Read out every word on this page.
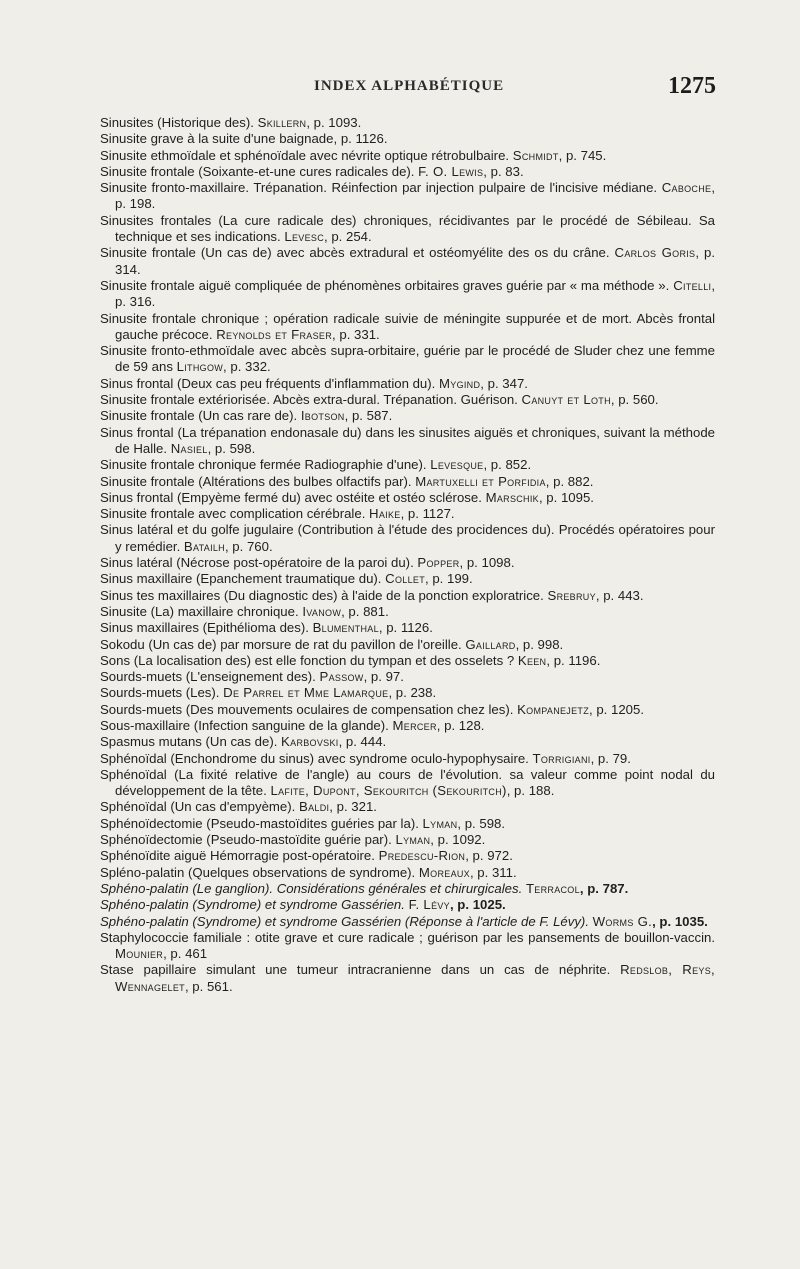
INDEX ALPHABÉTIQUE	1275

Sinusites (Historique des). Skillern, p. 1093.

Sinusite grave à la suite d'une baignade, p. 1126.

Sinusite ethmoïdale et sphénoïdale avec névrite optique rétrobulbaire. Schmidt, p. 745.

Sinusite frontale (Soixante-et-une cures radicales de). F. O. Lewis, p. 83.

Sinusite fronto-maxillaire. Trépanation. Réinfection par injection pulpaire de l'incisive médiane. Caboche, p. 198.

Sinusites frontales (La cure radicale des) chroniques, récidivantes par le procédé de Sébileau. Sa technique et ses indications. Levesc, p. 254.

Sinusite frontale (Un cas de) avec abcès extradural et ostéomyélite des os du crâne. Carlos Goris, p. 314.

Sinusite frontale aiguë compliquée de phénomènes orbitaires graves guérie par « ma méthode ». Citelli, p. 316.

Sinusite frontale chronique ; opération radicale suivie de méningite suppurée et de mort. Abcès frontal gauche précoce. Reynolds et Fraser, p. 331.

Sinusite fronto-ethmoïdale avec abcès supra-orbitaire, guérie par le procédé de Sluder chez une femme de 59 ans Lithgow, p. 332.

Sinus frontal (Deux cas peu fréquents d'inflammation du). Mygind, p. 347.

Sinusite frontale extériorisée. Abcès extra-dural. Trépanation. Guérison. Canuyt et Loth, p. 560.

Sinusite frontale (Un cas rare de). Ibotson, p. 587.

Sinus frontal (La trépanation endonasale du) dans les sinusites aiguës et chroniques, suivant la méthode de Halle. Nasiel, p. 598.

Sinusite frontale chronique fermée Radiographie d'une). Levesque, p. 852.

Sinusite frontale (Altérations des bulbes olfactifs par). Martuxelli et Porfidia, p. 882.

Sinus frontal (Empyème fermé du) avec ostéite et ostéo sclérose. Marschik, p. 1095.

Sinusite frontale avec complication cérébrale. Haike, p. 1127.

Sinus latéral et du golfe jugulaire (Contribution à l'étude des procidences du). Procédés opératoires pour y remédier. Batailh, p. 760.

Sinus latéral (Nécrose post-opératoire de la paroi du). Popper, p. 1098.

Sinus maxillaire (Epanchement traumatique du). Collet, p. 199.

Sinus tes maxillaires (Du diagnostic des) à l'aide de la ponction exploratrice. Srebruy, p. 443.

Sinusite (La) maxillaire chronique. Ivanow, p. 881.

Sinus maxillaires (Epithélioma des). Blumenthal, p. 1126.

Sokodu (Un cas de) par morsure de rat du pavillon de l'oreille. Gaillard, p. 998.

Sons (La localisation des) est elle fonction du tympan et des osselets ? Keen, p. 1196.

Sourds-muets (L'enseignement des). Passow, p. 97.

Sourds-muets (Les). De Parrel et Mme Lamarque, p. 238.

Sourds-muets (Des mouvements oculaires de compensation chez les). Kompanejetz, p. 1205.

Sous-maxillaire (Infection sanguine de la glande). Mercer, p. 128.

Spasmus mutans (Un cas de). Karbovski, p. 444.

Sphénoïdal (Enchondrome du sinus) avec syndrome oculo-hypophysaire. Torrigiani, p. 79.

Sphénoïdal (La fixité relative de l'angle) au cours de l'évolution. sa valeur comme point nodal du développement de la tête. Lafite, Dupont, Sekouritch (Sekouritch), p. 188.

Sphénoïdal (Un cas d'empyème). Baldi, p. 321.

Sphénoïdectomie (Pseudo-mastoïdites guéries par la). Lyman, p. 598.

Sphénoïdectomie (Pseudo-mastoïdite guérie par). Lyman, p. 1092.

Sphénoïdite aiguë Hémorragie post-opératoire. Predescu-Rion, p. 972.

Spléno-palatin (Quelques observations de syndrome). Moreaux, p. 311.

Sphéno-palatin (Le ganglion). Considérations générales et chirurgicales. Terracol, p. 787.

Sphéno-palatin (Syndrome) et syndrome Gassérien. F. Lévy, p. 1025.

Sphéno-palatin (Syndrome) et syndrome Gassérien (Réponse à l'article de F. Lévy). Worms G., p. 1035.

Staphylococcie familiale : otite grave et cure radicale ; guérison par les pansements de bouillon-vaccin. Mounier, p. 461

Stase papillaire simulant une tumeur intracranienne dans un cas de néphrite. Redslob, Reys, Wennagelet, p. 561.
